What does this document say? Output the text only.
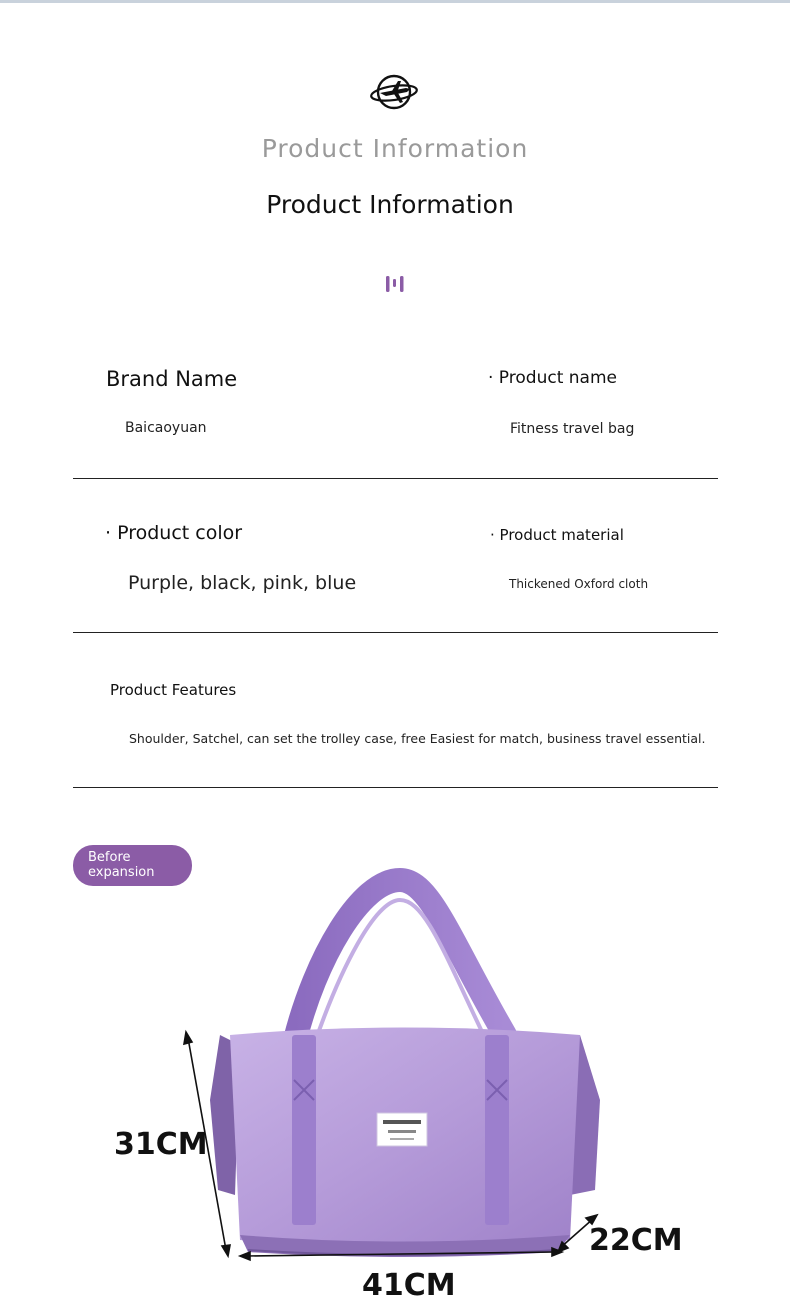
Product Information
Product Information
Brand Name
Baicaoyuan
· Product name
Fitness travel bag
· Product color
Purple, black, pink, blue
· Product material
Thickened Oxford cloth
Product Features
Shoulder, Satchel, can set the trolley case, free Easiest for match, business travel essential.
Before
expansion
31CM
41CM
22CM
